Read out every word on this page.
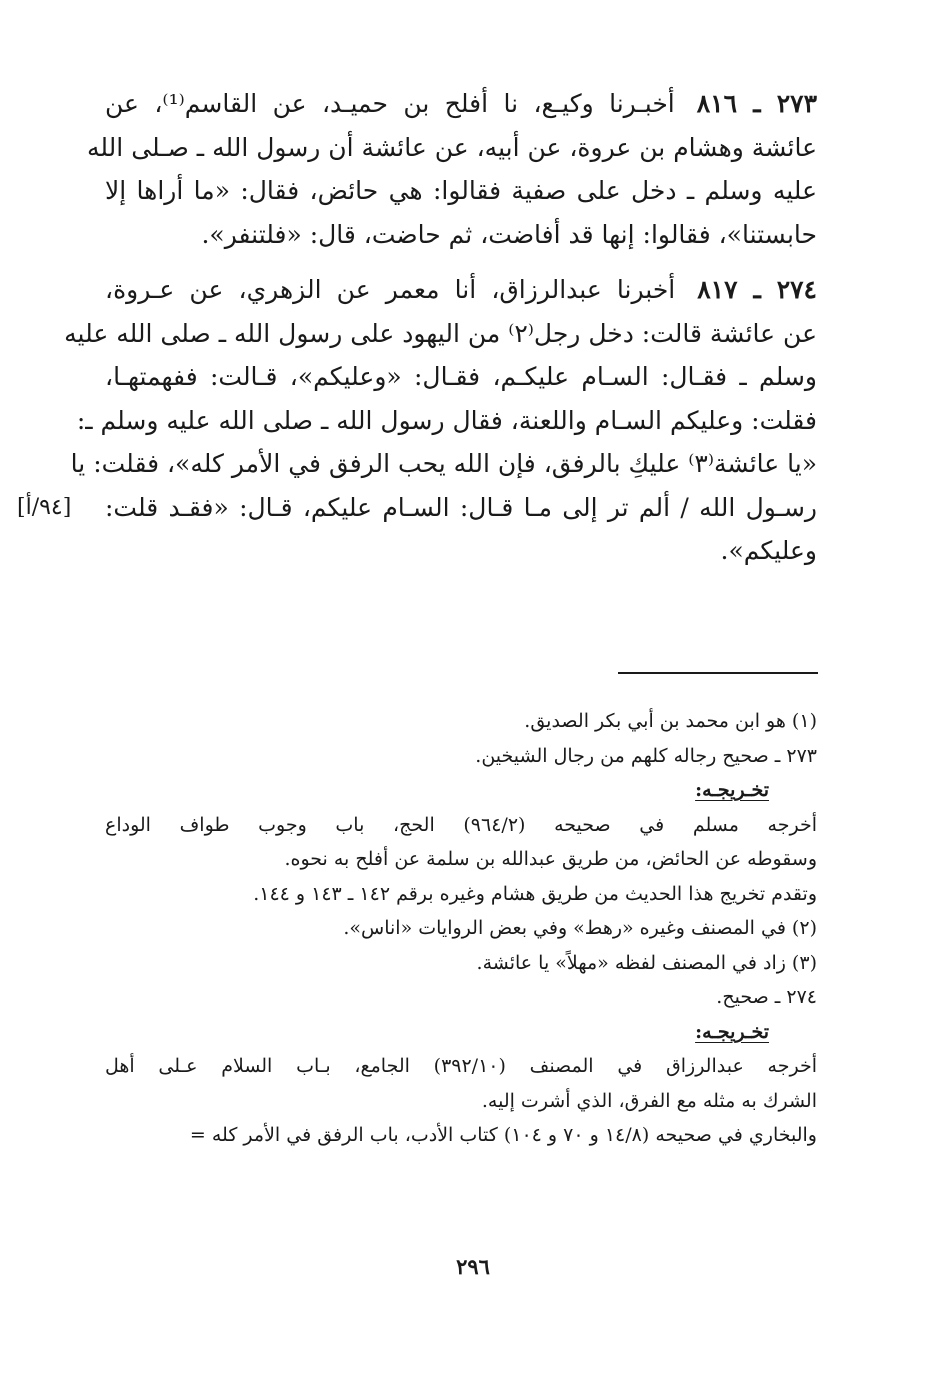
٢٧٣ ـ ٨١٦أخبـرنا وكيـع، نا أفلح بن حميـد، عن القاسم⁽¹⁾، عن
عائشة وهشام بن عروة، عن أبيه، عن عائشة أن رسول الله ـ صـلى الله
عليه وسلم ـ دخل على صفية فقالوا: هي حائض، فقال: «ما أراها إلا
حابستنا»، فقالوا: إنها قد أفاضت، ثم حاضت، قال: «فلتنفر».
٢٧٤ ـ ٨١٧أخبرنا عبدالرزاق، أنا معمر عن الزهري، عن عـروة،
عن عائشة قالت: دخل رجل⁽٢⁾ من اليهود على رسول الله ـ صلى الله عليه
وسلم ـ فقـال: السـام عليكـم، فقـال: «وعليكم»، قـالت: ففهمتهـا،
فقلت: وعليكم السـام واللعنة، فقال رسول الله ـ صلى الله عليه وسلم ـ:
«يا عائشة⁽٣⁾ عليكِ بالرفق، فإن الله يحب الرفق في الأمر كله»، فقلت: يا
[٩٤/أ] رسـول الله / ألم تر إلى مـا قـال: السـام عليكم، قـال: «فقـد قلت:
وعليكم».
(١) هو ابن محمد بن أبي بكر الصديق.
٢٧٣ ـ صحيح رجاله كلهم من رجال الشيخين.
تخـريجـه:
أخرجه مسلم في صحيحه (٩٦٤/٢) الحج، باب وجوب طواف الوداع
وسقوطه عن الحائض، من طريق عبدالله بن سلمة عن أفلح به نحوه.
وتقدم تخريج هذا الحديث من طريق هشام وغيره برقم ١٤٢ ـ ١٤٣ و ١٤٤.
(٢) في المصنف وغيره «رهط» وفي بعض الروايات «اناس».
(٣) زاد في المصنف لفظه «مهلاً» يا عائشة.
٢٧٤ ـ صحيح.
تخـريجـه:
أخرجه عبدالرزاق في المصنف (٣٩٢/١٠) الجامع، بـاب السلام عـلى أهل
الشرك به مثله مع الفرق، الذي أشرت إليه.
والبخاري في صحيحه (١٤/٨ و ٧٠ و ١٠٤) كتاب الأدب، باب الرفق في الأمر كله =
٢٩٦
